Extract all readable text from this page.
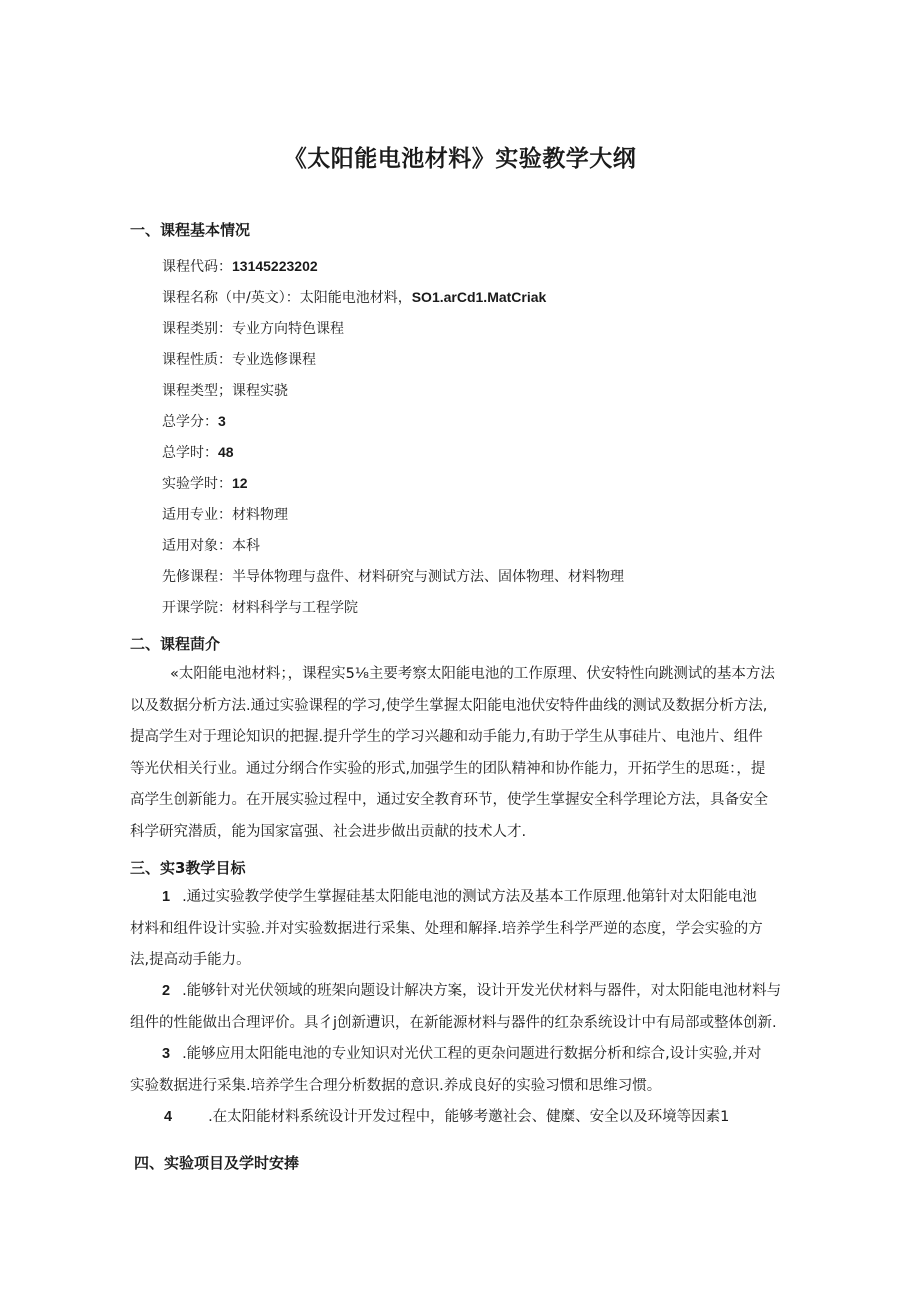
《太阳能电池材料》实验教学大纲
一、课程基本情况
课程代码：13145223202
课程名称（中/英文）：太阳能电池材料，SO1.arCd1.MatCriak
课程类别：专业方向特色课程
课程性质：专业选修课程
课程类型；课程实骁
总学分：3
总学时：48
实验学时：12
适用专业：材料物理
适用对象：本科
先修课程：半导体物理与盘件、材料研究与测试方法、固体物理、材料物理
开课学院：材料科学与工程学院
二、课程茴介
«太阳能电池材料；，课程实5⅛主要考察太阳能电池的工作原理、伏安特性向跳测试的基本方法
以及数据分析方法.通过实验课程的学习,使学生掌握太阳能电池伏安特件曲线的测试及数据分析方法,
提高学生对于理论知识的把握.提升学生的学习兴趣和动手能力,有助于学生从事硅片、电池片、组件
等光伏相关行业。通过分纲合作实验的形式,加强学生的团队精神和协作能力，开拓学生的思珽：，提
高学生创新能力。在开展实验过程中，通过安全教育环节，使学生掌握安全科学理论方法，具备安全
科学研究潜质，能为国家富强、社会进步做出贡献的技术人才.
三、实3教学目标
1 .通过实验教学使学生掌握硅基太阳能电池的测试方法及基本工作原理.他第针对太阳能电池
材料和组件设计实验.并对实验数据进行采集、处理和解择.培养学生科学严逆的态度，学会实验的方
法,提高动手能力。
2 .能够针对光伏领域的班架向题设计解决方案，设计开发光伏材料与器件，对太阳能电池材料与
组件的性能做出合理评价。具彳j创新遭识，在新能源材料与器件的红杂系统设计中有局部或整体创新.
3 .能够应用太阳能电池的专业知识对光伏工程的更杂问题进行数据分析和综合,设计实验,并对
实验数据进行采集.培养学生合理分析数据的意识.养成良好的实验习惯和思维习惯。
4 .在太阳能材料系统设计开发过程中，能够考邀社会、健糜、安全以及环境等因素1
四、实验项目及学时安捧
